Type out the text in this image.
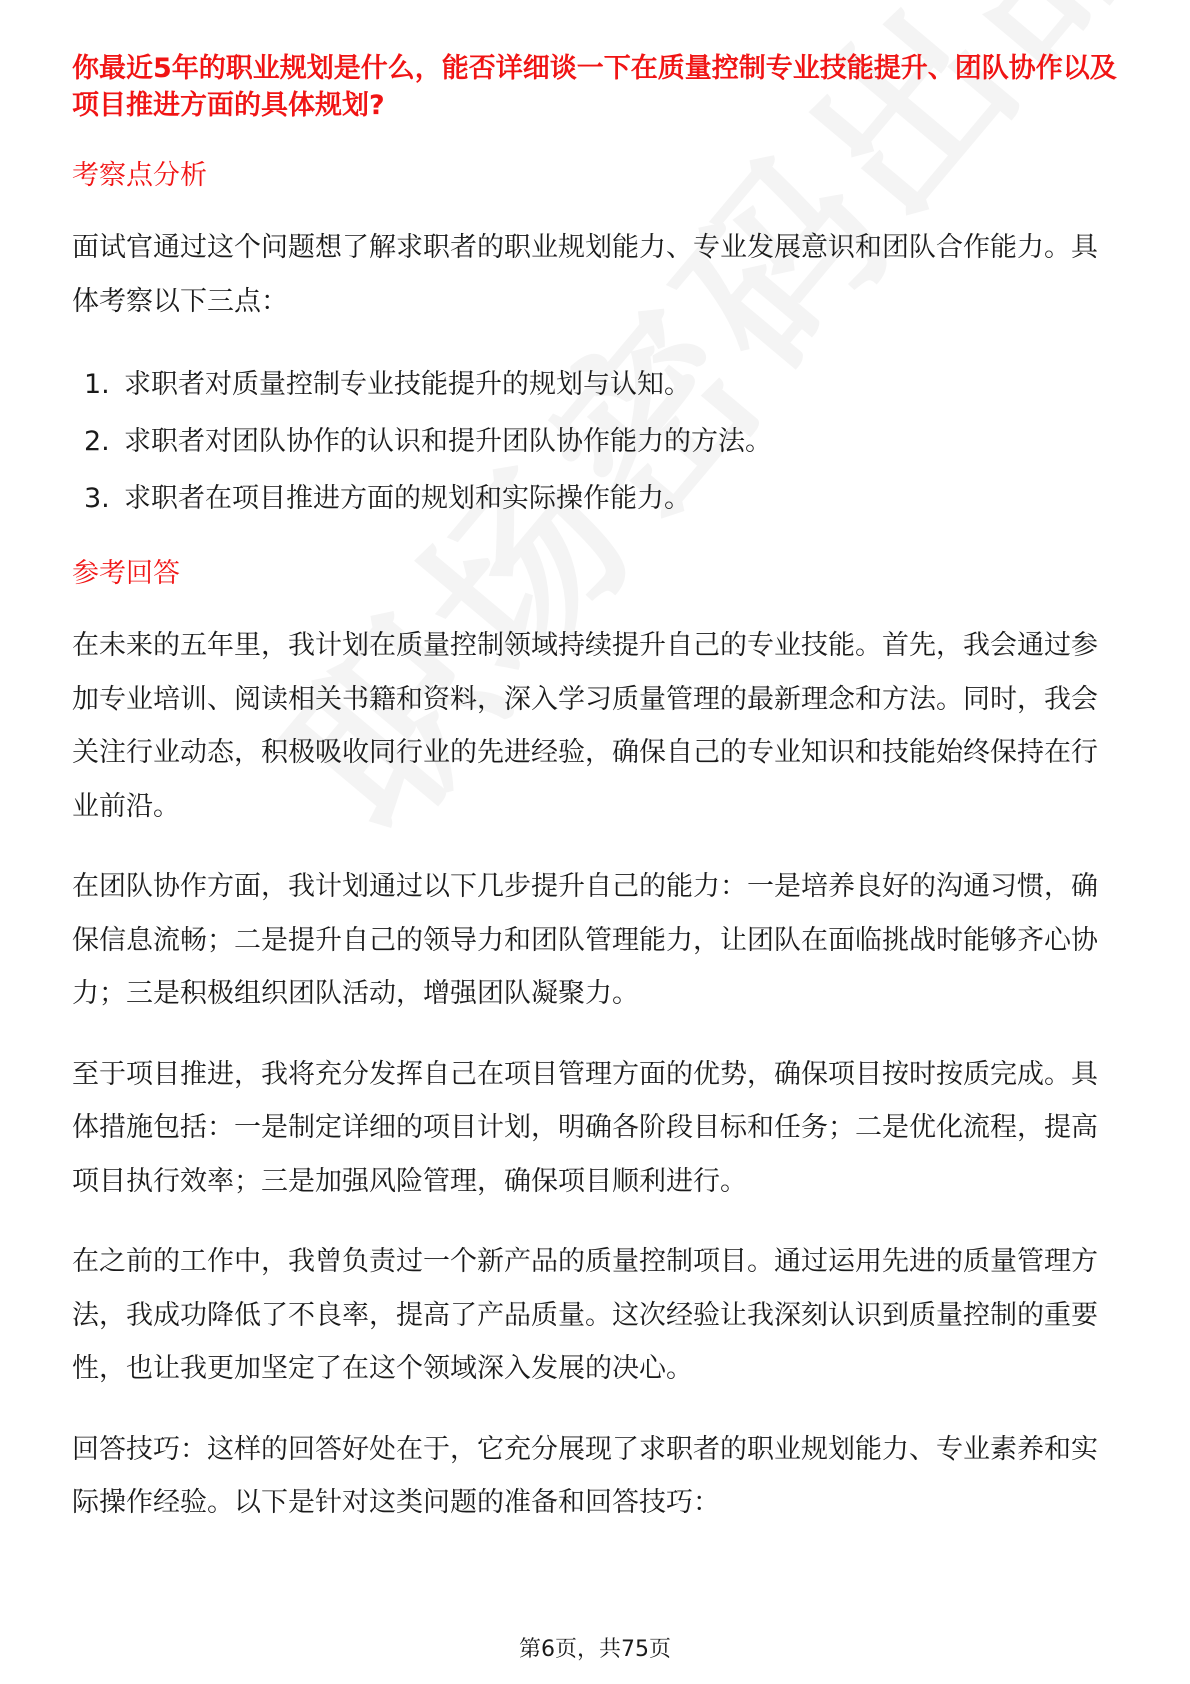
你最近5年的职业规划是什么，能否详细谈一下在质量控制专业技能提升、团队协作以及项目推进方面的具体规划?

考察点分析

面试官通过这个问题想了解求职者的职业规划能力、专业发展意识和团队合作能力。具体考察以下三点：

1. 求职者对质量控制专业技能提升的规划与认知。
2. 求职者对团队协作的认识和提升团队协作能力的方法。
3. 求职者在项目推进方面的规划和实际操作能力。

参考回答

在未来的五年里，我计划在质量控制领域持续提升自己的专业技能。首先，我会通过参加专业培训、阅读相关书籍和资料，深入学习质量管理的最新理念和方法。同时，我会关注行业动态，积极吸收同行业的先进经验，确保自己的专业知识和技能始终保持在行业前沿。

在团队协作方面，我计划通过以下几步提升自己的能力：一是培养良好的沟通习惯，确保信息流畅；二是提升自己的领导力和团队管理能力，让团队在面临挑战时能够齐心协力；三是积极组织团队活动，增强团队凝聚力。

至于项目推进，我将充分发挥自己在项目管理方面的优势，确保项目按时按质完成。具体措施包括：一是制定详细的项目计划，明确各阶段目标和任务；二是优化流程，提高项目执行效率；三是加强风险管理，确保项目顺利进行。

在之前的工作中，我曾负责过一个新产品的质量控制项目。通过运用先进的质量管理方法，我成功降低了不良率，提高了产品质量。这次经验让我深刻认识到质量控制的重要性，也让我更加坚定了在这个领域深入发展的决心。

回答技巧：这样的回答好处在于，它充分展现了求职者的职业规划能力、专业素养和实际操作经验。以下是针对这类问题的准备和回答技巧：

第6页，共75页
